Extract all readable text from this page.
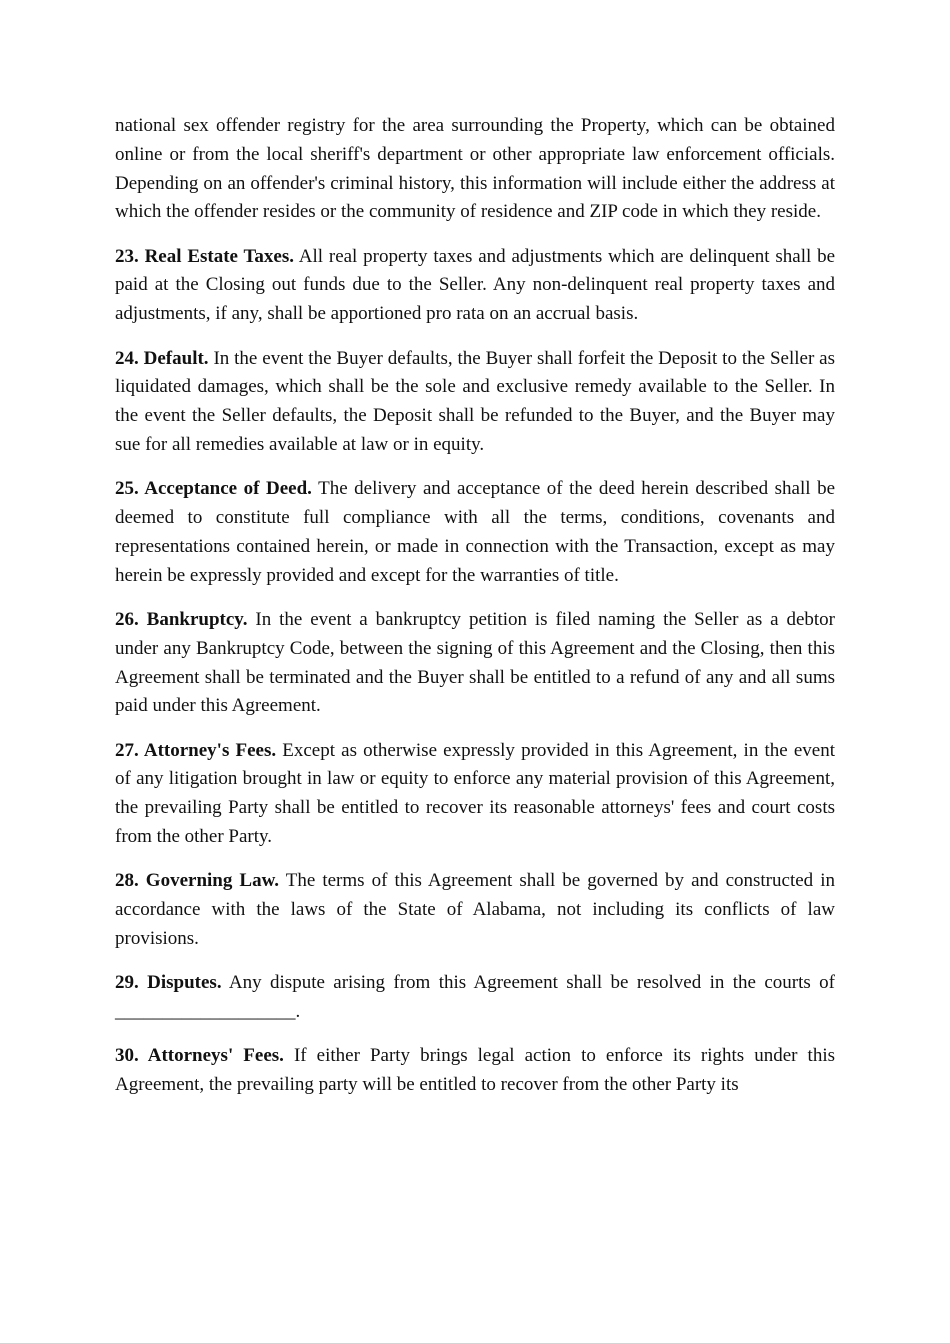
national sex offender registry for the area surrounding the Property, which can be obtained online or from the local sheriff's department or other appropriate law enforcement officials. Depending on an offender's criminal history, this information will include either the address at which the offender resides or the community of residence and ZIP code in which they reside.

23. Real Estate Taxes. All real property taxes and adjustments which are delinquent shall be paid at the Closing out funds due to the Seller. Any non-delinquent real property taxes and adjustments, if any, shall be apportioned pro rata on an accrual basis.

24. Default. In the event the Buyer defaults, the Buyer shall forfeit the Deposit to the Seller as liquidated damages, which shall be the sole and exclusive remedy available to the Seller. In the event the Seller defaults, the Deposit shall be refunded to the Buyer, and the Buyer may sue for all remedies available at law or in equity.

25. Acceptance of Deed. The delivery and acceptance of the deed herein described shall be deemed to constitute full compliance with all the terms, conditions, covenants and representations contained herein, or made in connection with the Transaction, except as may herein be expressly provided and except for the warranties of title.

26. Bankruptcy. In the event a bankruptcy petition is filed naming the Seller as a debtor under any Bankruptcy Code, between the signing of this Agreement and the Closing, then this Agreement shall be terminated and the Buyer shall be entitled to a refund of any and all sums paid under this Agreement.

27. Attorney's Fees. Except as otherwise expressly provided in this Agreement, in the event of any litigation brought in law or equity to enforce any material provision of this Agreement, the prevailing Party shall be entitled to recover its reasonable attorneys' fees and court costs from the other Party.

28. Governing Law. The terms of this Agreement shall be governed by and constructed in accordance with the laws of the State of Alabama, not including its conflicts of law provisions.

29. Disputes. Any dispute arising from this Agreement shall be resolved in the courts of ___________________.

30. Attorneys' Fees. If either Party brings legal action to enforce its rights under this Agreement, the prevailing party will be entitled to recover from the other Party its
